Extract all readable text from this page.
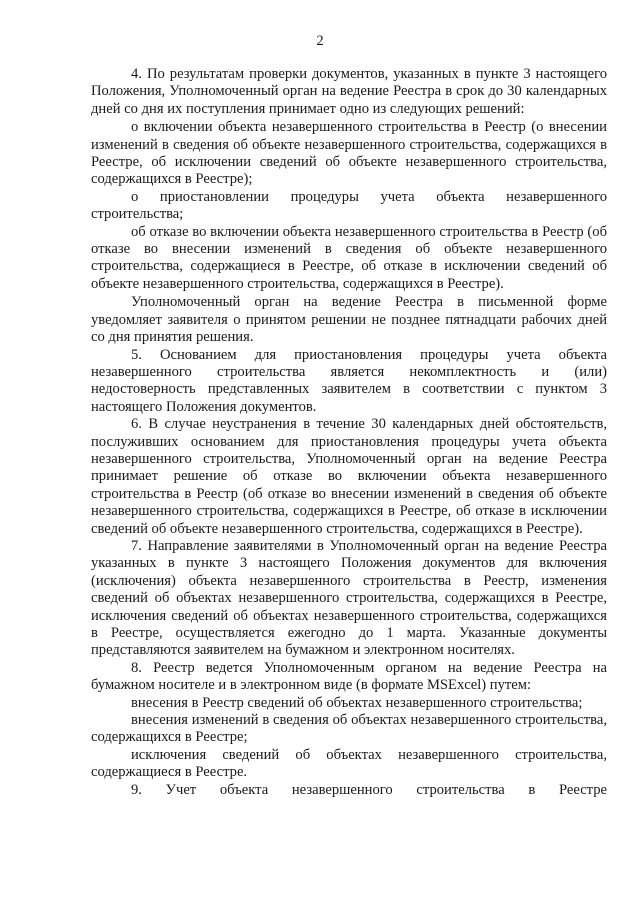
2

4. По результатам проверки документов, указанных в пункте 3 настоящего Положения, Уполномоченный орган на ведение Реестра в срок до 30 календарных дней со дня их поступления принимает одно из следующих решений:

о включении объекта незавершенного строительства в Реестр (о внесении изменений в сведения об объекте незавершенного строительства, содержащихся в Реестре, об исключении сведений об объекте незавершенного строительства, содержащихся в Реестре);

о приостановлении процедуры учета объекта незавершенного строительства;

об отказе во включении объекта незавершенного строительства в Реестр (об отказе во внесении изменений в сведения об объекте незавершенного строительства, содержащиеся в Реестре, об отказе в исключении сведений об объекте незавершенного строительства, содержащихся в Реестре).

Уполномоченный орган на ведение Реестра в письменной форме уведомляет заявителя о принятом решении не позднее пятнадцати рабочих дней со дня принятия решения.

5. Основанием для приостановления процедуры учета объекта незавершенного строительства является некомплектность и (или) недостоверность представленных заявителем в соответствии с пунктом 3 настоящего Положения документов.

6. В случае неустранения в течение 30 календарных дней обстоятельств, послуживших основанием для приостановления процедуры учета объекта незавершенного строительства, Уполномоченный орган на ведение Реестра принимает решение об отказе во включении объекта незавершенного строительства в Реестр (об отказе во внесении изменений в сведения об объекте незавершенного строительства, содержащихся в Реестре, об отказе в исключении сведений об объекте незавершенного строительства, содержащихся в Реестре).

7. Направление заявителями в Уполномоченный орган на ведение Реестра указанных в пункте 3 настоящего Положения документов для включения (исключения) объекта незавершенного строительства в Реестр, изменения сведений об объектах незавершенного строительства, содержащихся в Реестре, исключения сведений об объектах незавершенного строительства, содержащихся в Реестре, осуществляется ежегодно до 1 марта. Указанные документы представляются заявителем на бумажном и электронном носителях.

8. Реестр ведется Уполномоченным органом на ведение Реестра на бумажном носителе и в электронном виде (в формате MSExcel) путем:

внесения в Реестр сведений об объектах незавершенного строительства;

внесения изменений в сведения об объектах незавершенного строительства, содержащихся в Реестре;

исключения сведений об объектах незавершенного строительства, содержащиеся в Реестре.

9. Учет объекта незавершенного строительства в Реестре
